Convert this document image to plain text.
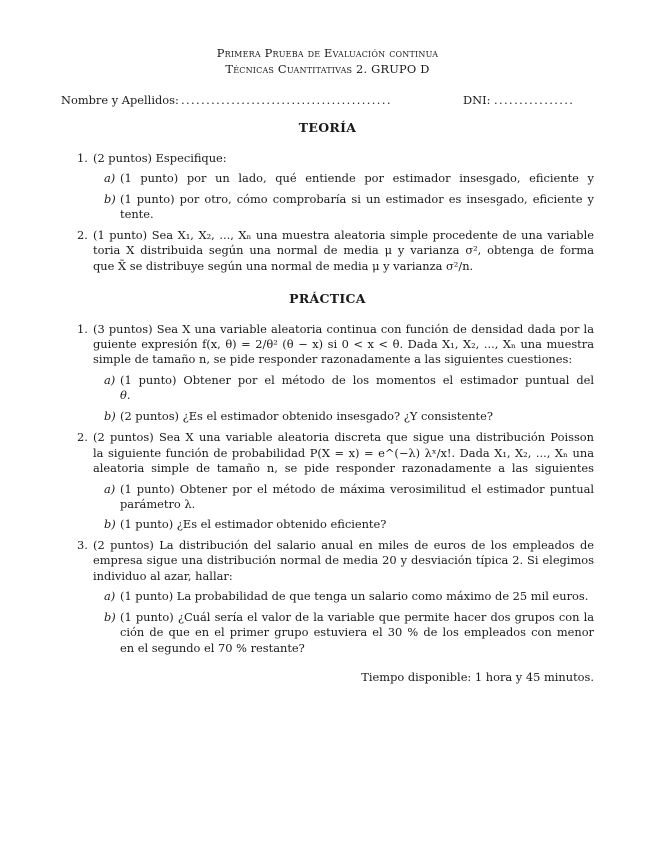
Primera Prueba de Evaluación continua
Técnicas Cuantitativas 2. GRUPO D
Nombre y Apellidos: ..........................................	DNI: ................
TEORÍA
1. (2 puntos) Especifique:
a) (1 punto) por un lado, qué entiende por estimador insesgado, eficiente y
b) (1 punto) por otro, cómo comprobaría si un estimador es insesgado, eficiente y
tente.
2. (1 punto) Sea X₁, X₂, ..., Xₙ una muestra aleatoria simple procedente de una variable
toria X distribuida según una normal de media μ y varianza σ², obtenga de forma
que X̄ se distribuye según una normal de media μ y varianza σ²/n.
PRÁCTICA
1. (3 puntos) Sea X una variable aleatoria continua con función de densidad dada por la
guiente expresión f(x, θ) = 2/θ² (θ − x) si 0 < x < θ. Dada X₁, X₂, ..., Xₙ una muestra
simple de tamaño n, se pide responder razonadamente a las siguientes cuestiones:
a) (1 punto) Obtener por el método de los momentos el estimador puntual del
θ.
b) (2 puntos) ¿Es el estimador obtenido insesgado? ¿Y consistente?
2. (2 puntos) Sea X una variable aleatoria discreta que sigue una distribución Poisson
la siguiente función de probabilidad P(X = x) = e^(−λ) λˣ/x!. Dada X₁, X₂, ..., Xₙ una
aleatoria simple de tamaño n, se pide responder razonadamente a las siguientes
a) (1 punto) Obtener por el método de máxima verosimilitud el estimador puntual
parámetro λ.
b) (1 punto) ¿Es el estimador obtenido eficiente?
3. (2 puntos) La distribución del salario anual en miles de euros de los empleados de
empresa sigue una distribución normal de media 20 y desviación típica 2. Si elegimos
individuo al azar, hallar:
a) (1 punto) La probabilidad de que tenga un salario como máximo de 25 mil euros.
b) (1 punto) ¿Cuál sería el valor de la variable que permite hacer dos grupos con la
ción de que en el primer grupo estuviera el 30 % de los empleados con menor
en el segundo el 70 % restante?
Tiempo disponible: 1 hora y 45 minutos.
